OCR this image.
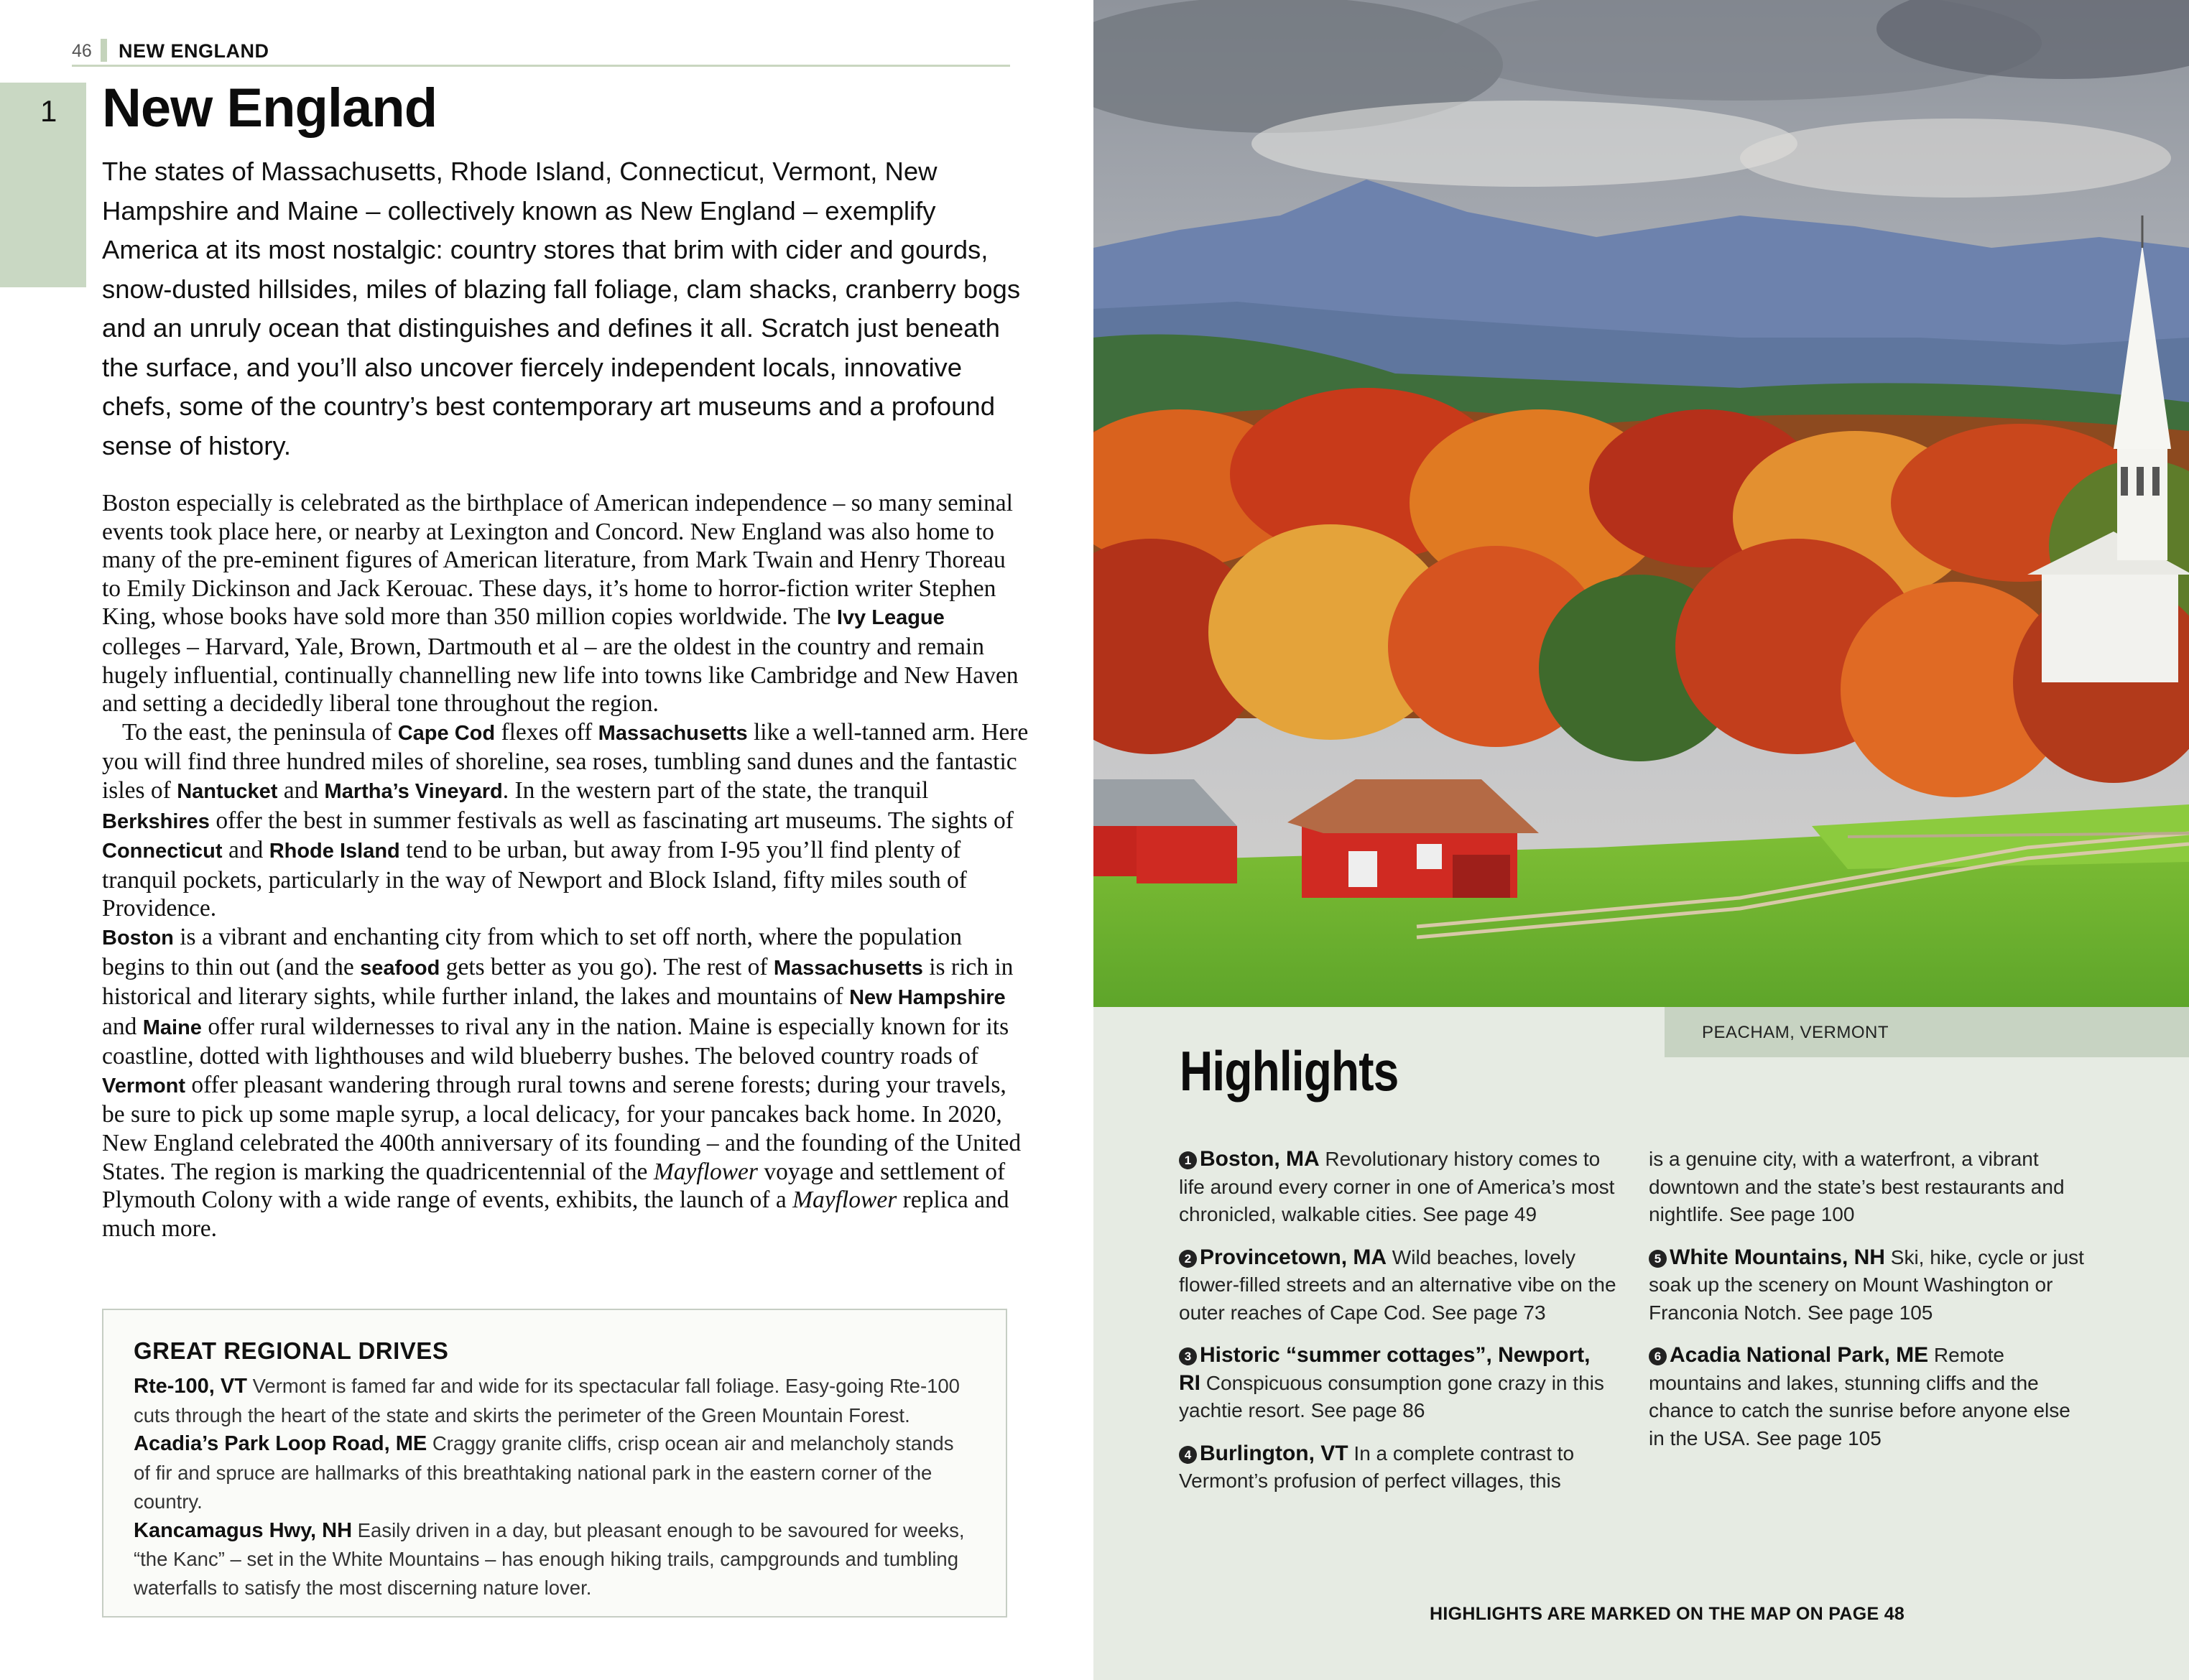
46 NEW ENGLAND
1 New England

The states of Massachusetts, Rhode Island, Connecticut, Vermont, New Hampshire and Maine – collectively known as New England – exemplify America at its most nostalgic: country stores that brim with cider and gourds, snow-dusted hillsides, miles of blazing fall foliage, clam shacks, cranberry bogs and an unruly ocean that distinguishes and defines it all. Scratch just beneath the surface, and you’ll also uncover fiercely independent locals, innovative chefs, some of the country’s best contemporary art museums and a profound sense of history.

Boston especially is celebrated as the birthplace of American independence – so many seminal events took place here, or nearby at Lexington and Concord. New England was also home to many of the pre-eminent figures of American literature, from Mark Twain and Henry Thoreau to Emily Dickinson and Jack Kerouac. These days, it’s home to horror-fiction writer Stephen King, whose books have sold more than 350 million copies worldwide. The Ivy League colleges – Harvard, Yale, Brown, Dartmouth et al – are the oldest in the country and remain hugely influential, continually channelling new life into towns like Cambridge and New Haven and setting a decidedly liberal tone throughout the region.

To the east, the peninsula of Cape Cod flexes off Massachusetts like a well-tanned arm. Here you will find three hundred miles of shoreline, sea roses, tumbling sand dunes and the fantastic isles of Nantucket and Martha’s Vineyard. In the western part of the state, the tranquil Berkshires offer the best in summer festivals as well as fascinating art museums. The sights of Connecticut and Rhode Island tend to be urban, but away from I-95 you’ll find plenty of tranquil pockets, particularly in the way of Newport and Block Island, fifty miles south of Providence.

Boston is a vibrant and enchanting city from which to set off north, where the population begins to thin out (and the seafood gets better as you go). The rest of Massachusetts is rich in historical and literary sights, while further inland, the lakes and mountains of New Hampshire and Maine offer rural wildernesses to rival any in the nation. Maine is especially known for its coastline, dotted with lighthouses and wild blueberry bushes. The beloved country roads of Vermont offer pleasant wandering through rural towns and serene forests; during your travels, be sure to pick up some maple syrup, a local delicacy, for your pancakes back home. In 2020, New England celebrated the 400th anniversary of its founding – and the founding of the United States. The region is marking the quadricentennial of the Mayflower voyage and settlement of Plymouth Colony with a wide range of events, exhibits, the launch of a Mayflower replica and much more.

GREAT REGIONAL DRIVES

Rte-100, VT Vermont is famed far and wide for its spectacular fall foliage. Easy-going Rte-100 cuts through the heart of the state and skirts the perimeter of the Green Mountain Forest.

Acadia’s Park Loop Road, ME Craggy granite cliffs, crisp ocean air and melancholy stands of fir and spruce are hallmarks of this breathtaking national park in the eastern corner of the country.

Kancamagus Hwy, NH Easily driven in a day, but pleasant enough to be savoured for weeks, “the Kanc” – set in the White Mountains – has enough hiking trails, campgrounds and tumbling waterfalls to satisfy the most discerning nature lover.

PEACHAM, VERMONT
Highlights
1 Boston, MA Revolutionary history comes to life around every corner in one of America’s most chronicled, walkable cities. See page 49
2 Provincetown, MA Wild beaches, lovely flower-filled streets and an alternative vibe on the outer reaches of Cape Cod. See page 73
3 Historic “summer cottages”, Newport, RI Conspicuous consumption gone crazy in this yachtie resort. See page 86
4 Burlington, VT In a complete contrast to Vermont’s profusion of perfect villages, this
is a genuine city, with a waterfront, a vibrant downtown and the state’s best restaurants and nightlife. See page 100
5 White Mountains, NH Ski, hike, cycle or just soak up the scenery on Mount Washington or Franconia Notch. See page 105
6 Acadia National Park, ME Remote mountains and lakes, stunning cliffs and the chance to catch the sunrise before anyone else in the USA. See page 105
HIGHLIGHTS ARE MARKED ON THE MAP ON PAGE 48
